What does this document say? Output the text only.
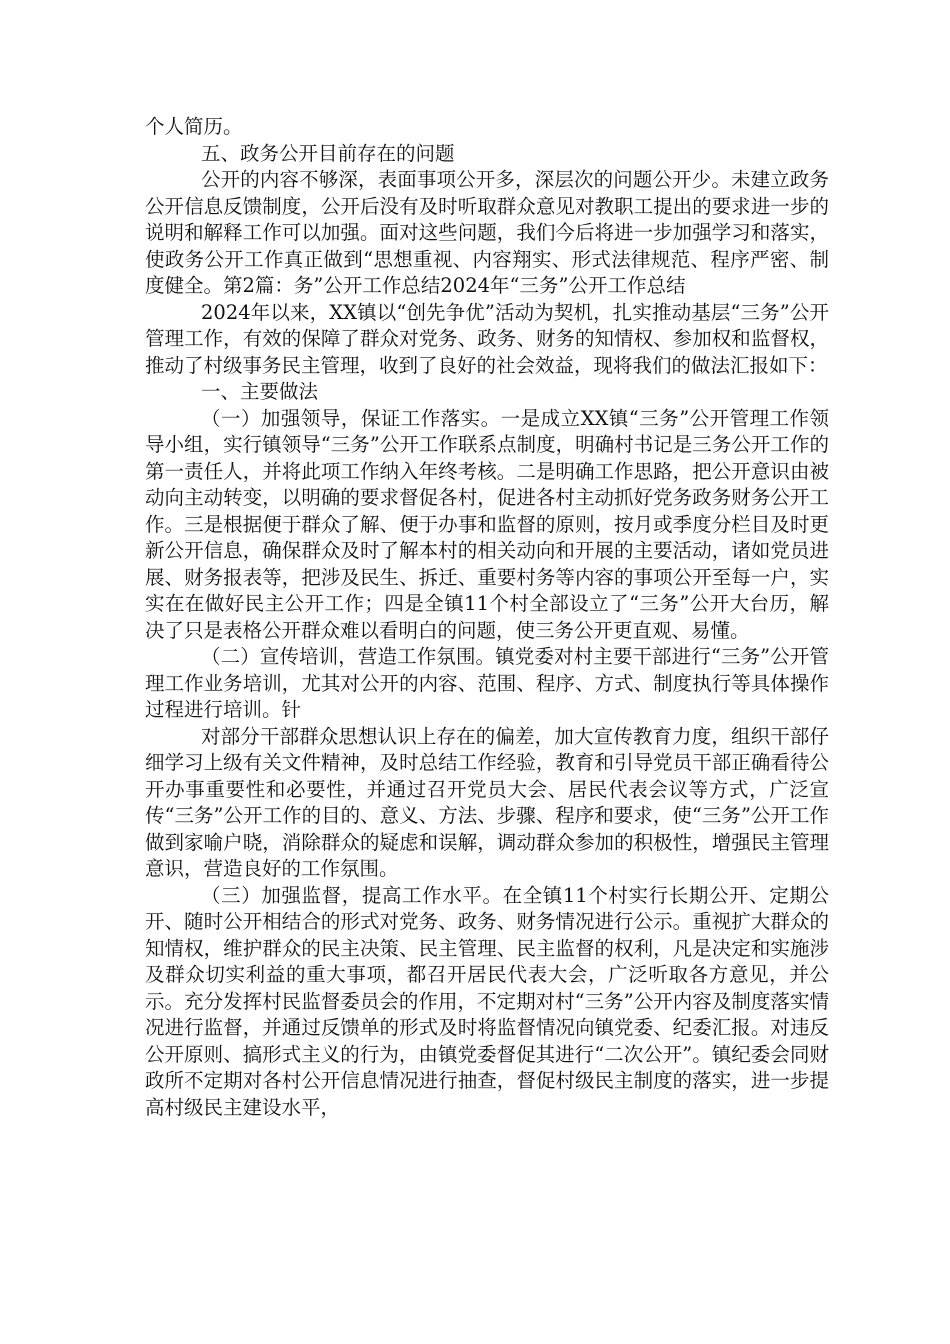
个人简历。

五、政务公开目前存在的问题

公开的内容不够深，表面事项公开多，深层次的问题公开少。未建立政务公开信息反馈制度，公开后没有及时听取群众意见对教职工提出的要求进一步的说明和解释工作可以加强。面对这些问题，我们今后将进一步加强学习和落实，使政务公开工作真正做到“思想重视、内容翔实、形式法律规范、程序严密、制度健全。第2篇：务”公开工作总结2024年“三务”公开工作总结

2024年以来，XX镇以“创先争优”活动为契机，扎实推动基层“三务”公开管理工作，有效的保障了群众对党务、政务、财务的知情权、参加权和监督权，推动了村级事务民主管理，收到了良好的社会效益，现将我们的做法汇报如下：

一、主要做法

（一）加强领导，保证工作落实。一是成立XX镇“三务”公开管理工作领导小组，实行镇领导“三务”公开工作联系点制度，明确村书记是三务公开工作的第一责任人，并将此项工作纳入年终考核。二是明确工作思路，把公开意识由被动向主动转变，以明确的要求督促各村，促进各村主动抓好党务政务财务公开工作。三是根据便于群众了解、便于办事和监督的原则，按月或季度分栏目及时更新公开信息，确保群众及时了解本村的相关动向和开展的主要活动，诸如党员进展、财务报表等，把涉及民生、拆迁、重要村务等内容的事项公开至每一户，实实在在做好民主公开工作；四是全镇11个村全部设立了“三务”公开大台历，解决了只是表格公开群众难以看明白的问题，使三务公开更直观、易懂。

（二）宣传培训，营造工作氛围。镇党委对村主要干部进行“三务”公开管理工作业务培训，尤其对公开的内容、范围、程序、方式、制度执行等具体操作过程进行培训。针

对部分干部群众思想认识上存在的偏差，加大宣传教育力度，组织干部仔细学习上级有关文件精神，及时总结工作经验，教育和引导党员干部正确看待公开办事重要性和必要性，并通过召开党员大会、居民代表会议等方式，广泛宣传“三务”公开工作的目的、意义、方法、步骤、程序和要求，使“三务”公开工作做到家喻户晓，消除群众的疑虑和误解，调动群众参加的积极性，增强民主管理意识，营造良好的工作氛围。

（三）加强监督，提高工作水平。在全镇11个村实行长期公开、定期公开、随时公开相结合的形式对党务、政务、财务情况进行公示。重视扩大群众的知情权，维护群众的民主决策、民主管理、民主监督的权利，凡是决定和实施涉及群众切实利益的重大事项，都召开居民代表大会，广泛听取各方意见，并公示。充分发挥村民监督委员会的作用，不定期对村“三务”公开内容及制度落实情况进行监督，并通过反馈单的形式及时将监督情况向镇党委、纪委汇报。对违反公开原则、搞形式主义的行为，由镇党委督促其进行“二次公开”。镇纪委会同财政所不定期对各村公开信息情况进行抽查，督促村级民主制度的落实，进一步提高村级民主建设水平，
